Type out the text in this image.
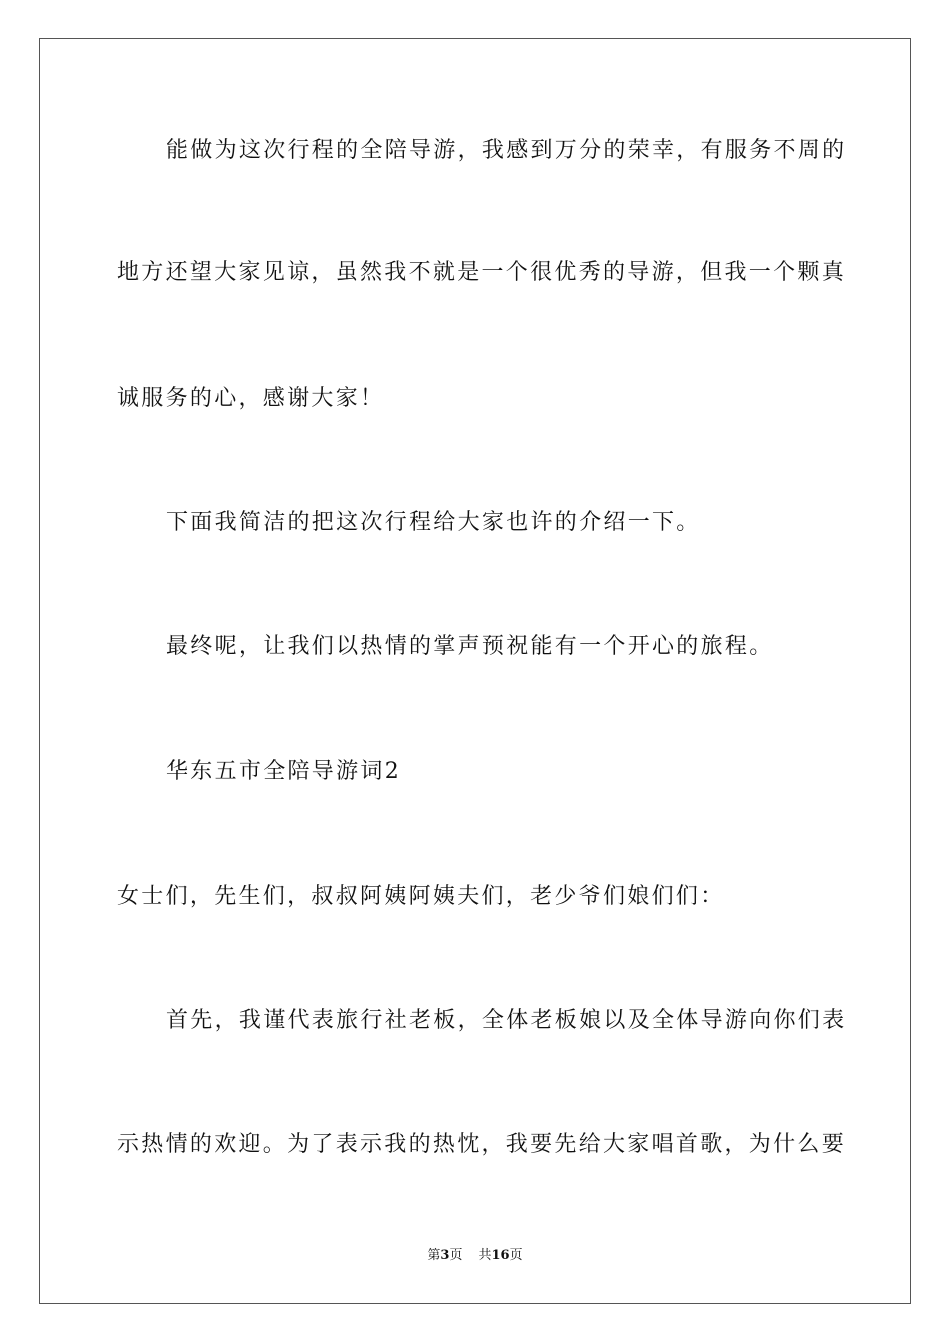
能做为这次行程的全陪导游，我感到万分的荣幸，有服务不周的
地方还望大家见谅，虽然我不就是一个很优秀的导游，但我一个颗真
诚服务的心，感谢大家！
下面我简洁的把这次行程给大家也许的介绍一下。
最终呢，让我们以热情的掌声预祝能有一个开心的旅程。
华东五市全陪导游词2
女士们，先生们，叔叔阿姨阿姨夫们，老少爷们娘们们：
首先，我谨代表旅行社老板，全体老板娘以及全体导游向你们表
示热情的欢迎。为了表示我的热忱，我要先给大家唱首歌，为什么要
第3页 共16页
